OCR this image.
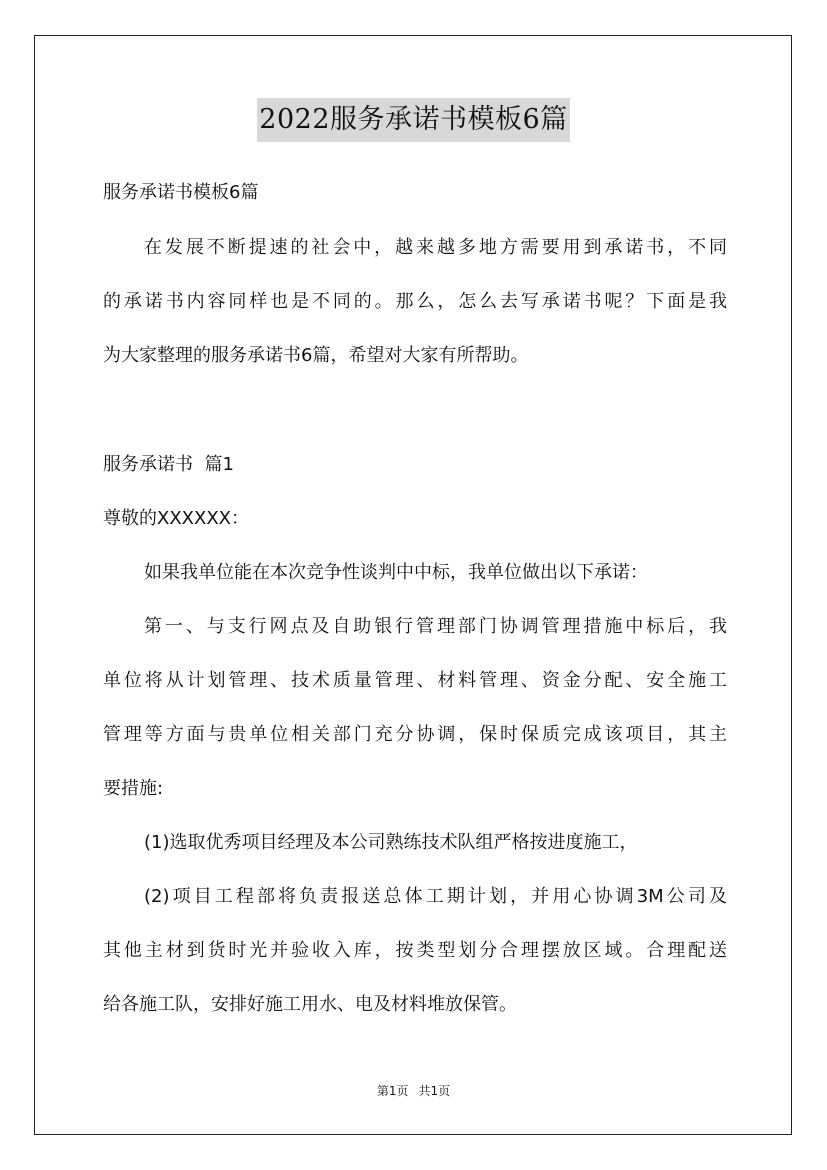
2022服务承诺书模板6篇
服务承诺书模板6篇
在发展不断提速的社会中，越来越多地方需要用到承诺书，不同
的承诺书内容同样也是不同的。那么，怎么去写承诺书呢？下面是我
为大家整理的服务承诺书6篇，希望对大家有所帮助。
服务承诺书  篇1
尊敬的XXXXXX：
如果我单位能在本次竞争性谈判中中标，我单位做出以下承诺：
第一、与支行网点及自助银行管理部门协调管理措施中标后，我
单位将从计划管理、技术质量管理、材料管理、资金分配、安全施工
管理等方面与贵单位相关部门充分协调，保时保质完成该项目，其主
要措施:
(1)选取优秀项目经理及本公司熟练技术队组严格按进度施工，
(2)项目工程部将负责报送总体工期计划，并用心协调3M公司及
其他主材到货时光并验收入库，按类型划分合理摆放区域。合理配送
给各施工队，安排好施工用水、电及材料堆放保管。
第1页 共1页
